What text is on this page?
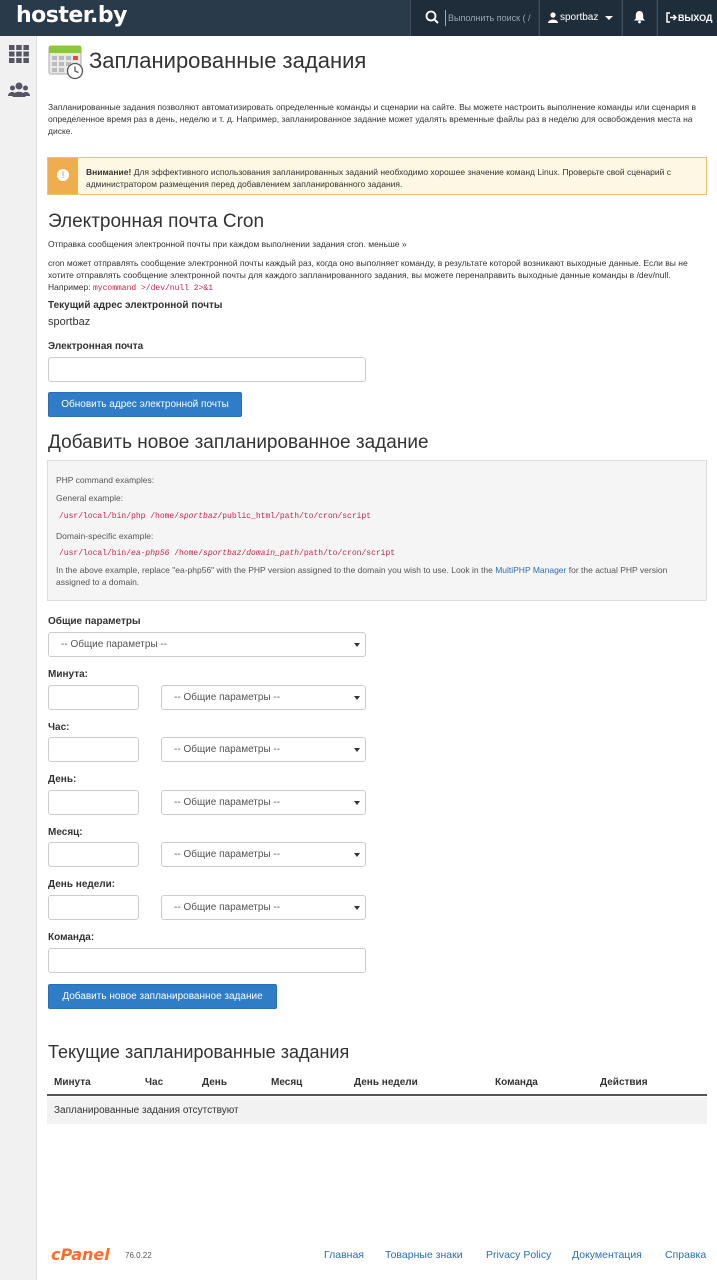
hoster.by
Выполнить поиск ( /	sportbaz	ВЫХОД
Запланированные задания
Запланированные задания позволяют автоматизировать определенные команды и сценарии на сайте. Вы можете настроить выполнение команды или сценария в определенное время раз в день, неделю и т. д. Например, запланированное задание может удалять временные файлы раз в неделю для освобождения места на диске.
!	Внимание! Для эффективного использования запланированных заданий необходимо хорошее значение команд Linux. Проверьте свой сценарий с администратором размещения перед добавлением запланированного задания.
Электронная почта Cron
Отправка сообщения электронной почты при каждом выполнении задания cron. меньше »
cron может отправлять сообщение электронной почты каждый раз, когда оно выполняет команду, в результате которой возникают выходные данные. Если вы не хотите отправлять сообщение электронной почты для каждого запланированного задания, вы можете перенаправить выходные данные команды в /dev/null. Например: mycommand >/dev/null 2>&1
Текущий адрес электронной почты
sportbaz
Электронная почта
Обновить адрес электронной почты
Добавить новое запланированное задание
PHP command examples:
General example:
/usr/local/bin/php /home/sportbaz/public_html/path/to/cron/script
Domain-specific example:
/usr/local/bin/ea-php56 /home/sportbaz/domain_path/path/to/cron/script
In the above example, replace "ea-php56" with the PHP version assigned to the domain you wish to use. Look in the MultiPHP Manager for the actual PHP version assigned to a domain.
Общие параметры
-- Общие параметры --
Минута:
-- Общие параметры --
Час:
-- Общие параметры --
День:
-- Общие параметры --
Месяц:
-- Общие параметры --
День недели:
-- Общие параметры --
Команда:
Добавить новое запланированное задание
Текущие запланированные задания
Минута	Час	День	Месяц	День недели	Команда	Действия
Запланированные задания отсутствуют
cPanel 76.0.22	Главная Товарные знаки Privacy Policy Документация Справка
